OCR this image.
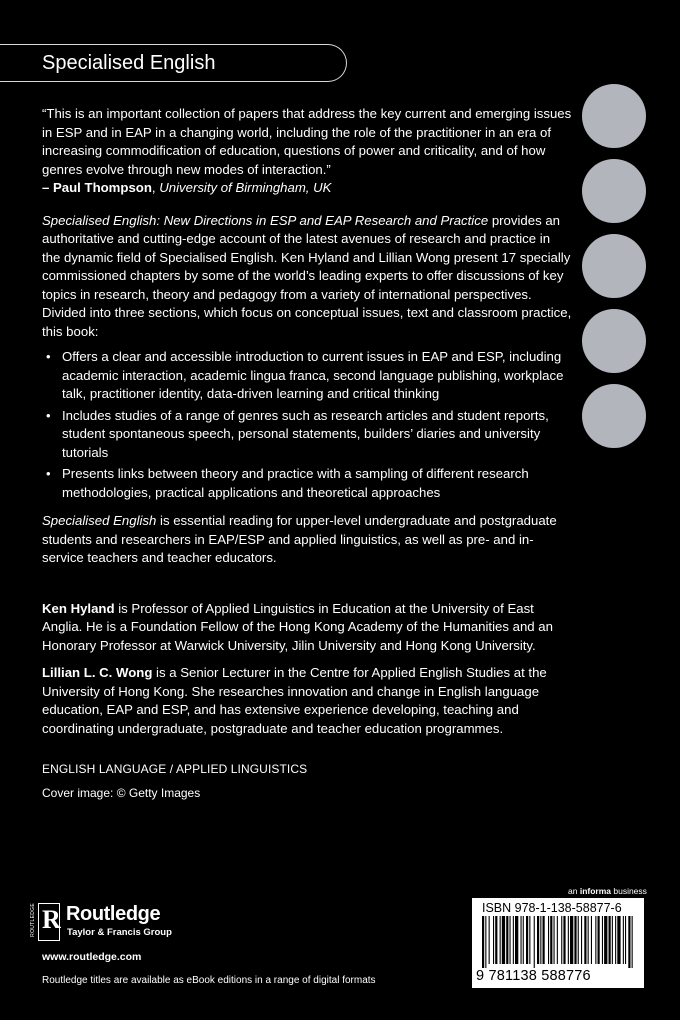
Specialised English

“This is an important collection of papers that address the key current and emerging issues in ESP and in EAP in a changing world, including the role of the practitioner in an era of increasing commodification of education, questions of power and criticality, and of how genres evolve through new modes of interaction.”

– Paul Thompson, University of Birmingham, UK

Specialised English: New Directions in ESP and EAP Research and Practice provides an authoritative and cutting-edge account of the latest avenues of research and practice in the dynamic field of Specialised English. Ken Hyland and Lillian Wong present 17 specially commissioned chapters by some of the world’s leading experts to offer discussions of key topics in research, theory and pedagogy from a variety of international perspectives. Divided into three sections, which focus on conceptual issues, text and classroom practice, this book:

• Offers a clear and accessible introduction to current issues in EAP and ESP, including academic interaction, academic lingua franca, second language publishing, workplace talk, practitioner identity, data-driven learning and critical thinking
• Includes studies of a range of genres such as research articles and student reports, student spontaneous speech, personal statements, builders’ diaries and university tutorials
• Presents links between theory and practice with a sampling of different research methodologies, practical applications and theoretical approaches

Specialised English is essential reading for upper-level undergraduate and postgraduate students and researchers in EAP/ESP and applied linguistics, as well as pre- and in-service teachers and teacher educators.

Ken Hyland is Professor of Applied Linguistics in Education at the University of East Anglia. He is a Foundation Fellow of the Hong Kong Academy of the Humanities and an Honorary Professor at Warwick University, Jilin University and Hong Kong University.

Lillian L. C. Wong is a Senior Lecturer in the Centre for Applied English Studies at the University of Hong Kong. She researches innovation and change in English language education, EAP and ESP, and has extensive experience developing, teaching and coordinating undergraduate, postgraduate and teacher education programmes.

ENGLISH LANGUAGE / APPLIED LINGUISTICS

Cover image: © Getty Images

R
ROUTLEDGE Routledge
Taylor & Francis Group
www.routledge.com
Routledge titles are available as eBook editions in a range of digital formats
an informa business
ISBN 978-1-138-58877-6
9 781138 588776
